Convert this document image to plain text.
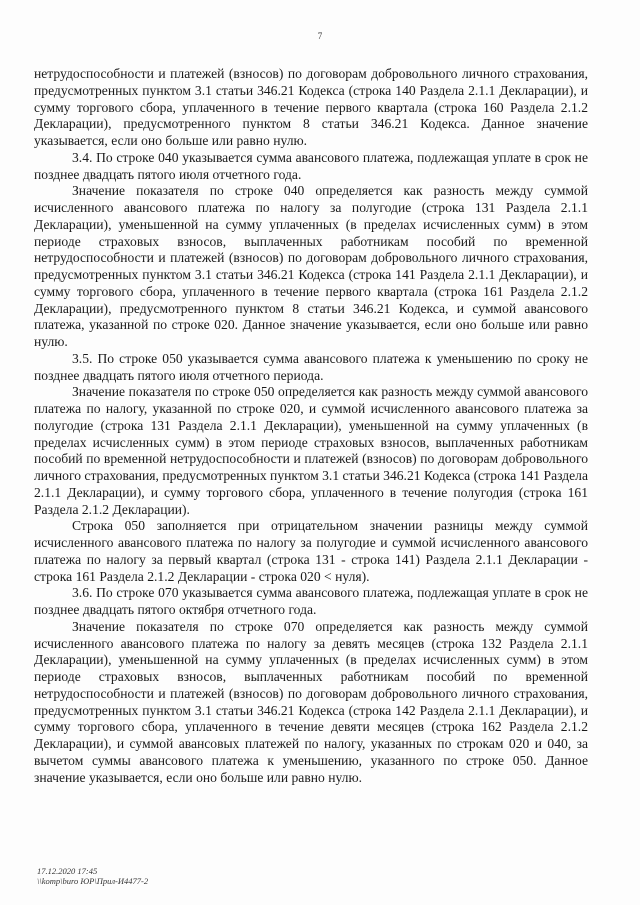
7

нетрудоспособности и платежей (взносов) по договорам добровольного личного страхования, предусмотренных пунктом 3.1 статьи 346.21 Кодекса (строка 140 Раздела 2.1.1 Декларации), и сумму торгового сбора, уплаченного в течение первого квартала (строка 160 Раздела 2.1.2 Декларации), предусмотренного пунктом 8 статьи 346.21 Кодекса. Данное значение указывается, если оно больше или равно нулю.

3.4. По строке 040 указывается сумма авансового платежа, подлежащая уплате в срок не позднее двадцать пятого июля отчетного года.

Значение показателя по строке 040 определяется как разность между суммой исчисленного авансового платежа по налогу за полугодие (строка 131 Раздела 2.1.1 Декларации), уменьшенной на сумму уплаченных (в пределах исчисленных сумм) в этом периоде страховых взносов, выплаченных работникам пособий по временной нетрудоспособности и платежей (взносов) по договорам добровольного личного страхования, предусмотренных пунктом 3.1 статьи 346.21 Кодекса (строка 141 Раздела 2.1.1 Декларации), и сумму торгового сбора, уплаченного в течение первого квартала (строка 161 Раздела 2.1.2 Декларации), предусмотренного пунктом 8 статьи 346.21 Кодекса, и суммой авансового платежа, указанной по строке 020. Данное значение указывается, если оно больше или равно нулю.

3.5. По строке 050 указывается сумма авансового платежа к уменьшению по сроку не позднее двадцать пятого июля отчетного периода.

Значение показателя по строке 050 определяется как разность между суммой авансового платежа по налогу, указанной по строке 020, и суммой исчисленного авансового платежа за полугодие (строка 131 Раздела 2.1.1 Декларации), уменьшенной на сумму уплаченных (в пределах исчисленных сумм) в этом периоде страховых взносов, выплаченных работникам пособий по временной нетрудоспособности и платежей (взносов) по договорам добровольного личного страхования, предусмотренных пунктом 3.1 статьи 346.21 Кодекса (строка 141 Раздела 2.1.1 Декларации), и сумму торгового сбора, уплаченного в течение полугодия (строка 161 Раздела 2.1.2 Декларации).

Строка 050 заполняется при отрицательном значении разницы между суммой исчисленного авансового платежа по налогу за полугодие и суммой исчисленного авансового платежа по налогу за первый квартал (строка 131 - строка 141) Раздела 2.1.1 Декларации - строка 161 Раздела 2.1.2 Декларации - строка 020 < нуля).

3.6. По строке 070 указывается сумма авансового платежа, подлежащая уплате в срок не позднее двадцать пятого октября отчетного года.

Значение показателя по строке 070 определяется как разность между суммой исчисленного авансового платежа по налогу за девять месяцев (строка 132 Раздела 2.1.1 Декларации), уменьшенной на сумму уплаченных (в пределах исчисленных сумм) в этом периоде страховых взносов, выплаченных работникам пособий по временной нетрудоспособности и платежей (взносов) по договорам добровольного личного страхования, предусмотренных пунктом 3.1 статьи 346.21 Кодекса (строка 142 Раздела 2.1.1 Декларации), и сумму торгового сбора, уплаченного в течение девяти месяцев (строка 162 Раздела 2.1.2 Декларации), и суммой авансовых платежей по налогу, указанных по строкам 020 и 040, за вычетом суммы авансового платежа к уменьшению, указанного по строке 050. Данное значение указывается, если оно больше или равно нулю.

17.12.2020 17:45
\\komp\buro ЮР\Прил-И4477-2
